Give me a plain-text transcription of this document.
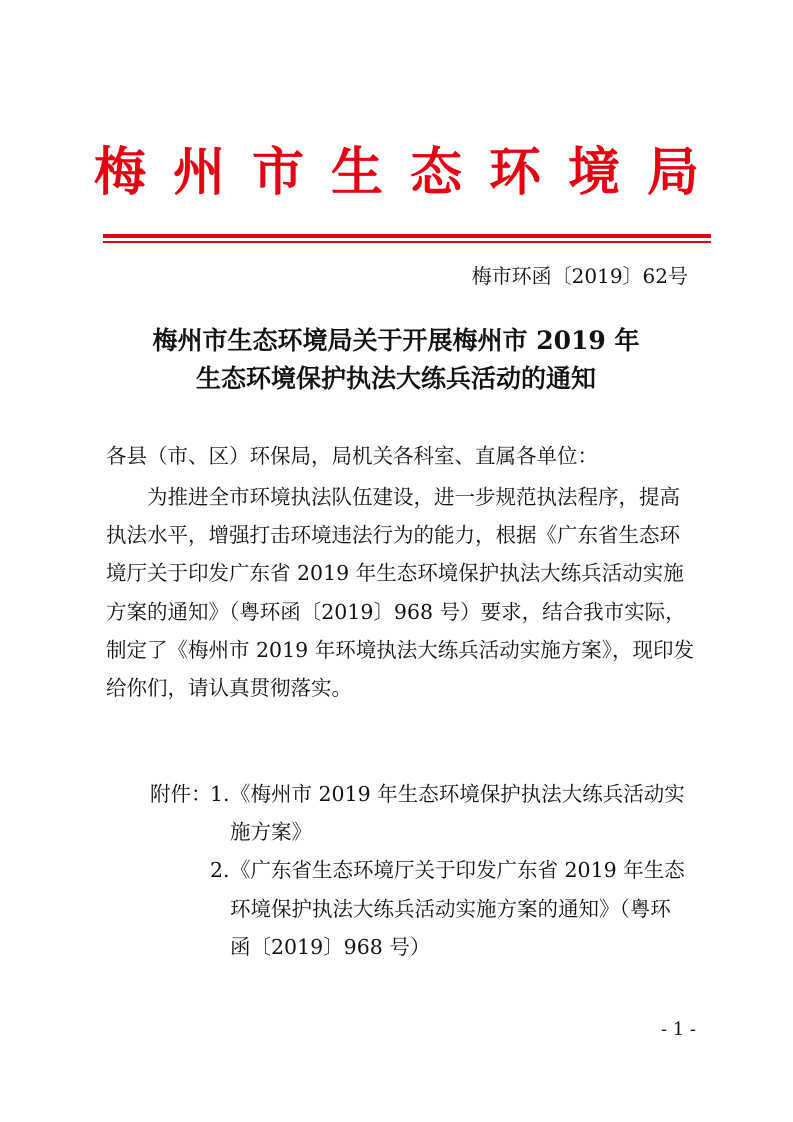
梅州市生态环境局
梅市环函〔2019〕62号
梅州市生态环境局关于开展梅州市 2019 年
生态环境保护执法大练兵活动的通知
各县（市、区）环保局，局机关各科室、直属各单位：
为推进全市环境执法队伍建设，进一步规范执法程序，提高
执法水平，增强打击环境违法行为的能力，根据《广东省生态环
境厅关于印发广东省 2019 年生态环境保护执法大练兵活动实施
方案的通知》（粤环函〔2019〕968 号）要求，结合我市实际，
制定了《梅州市 2019 年环境执法大练兵活动实施方案》，现印发
给你们，请认真贯彻落实。
附件：1.《梅州市 2019 年生态环境保护执法大练兵活动实
施方案》
2.《广东省生态环境厅关于印发广东省 2019 年生态
环境保护执法大练兵活动实施方案的通知》（粤环
函〔2019〕968 号）
- 1 -
